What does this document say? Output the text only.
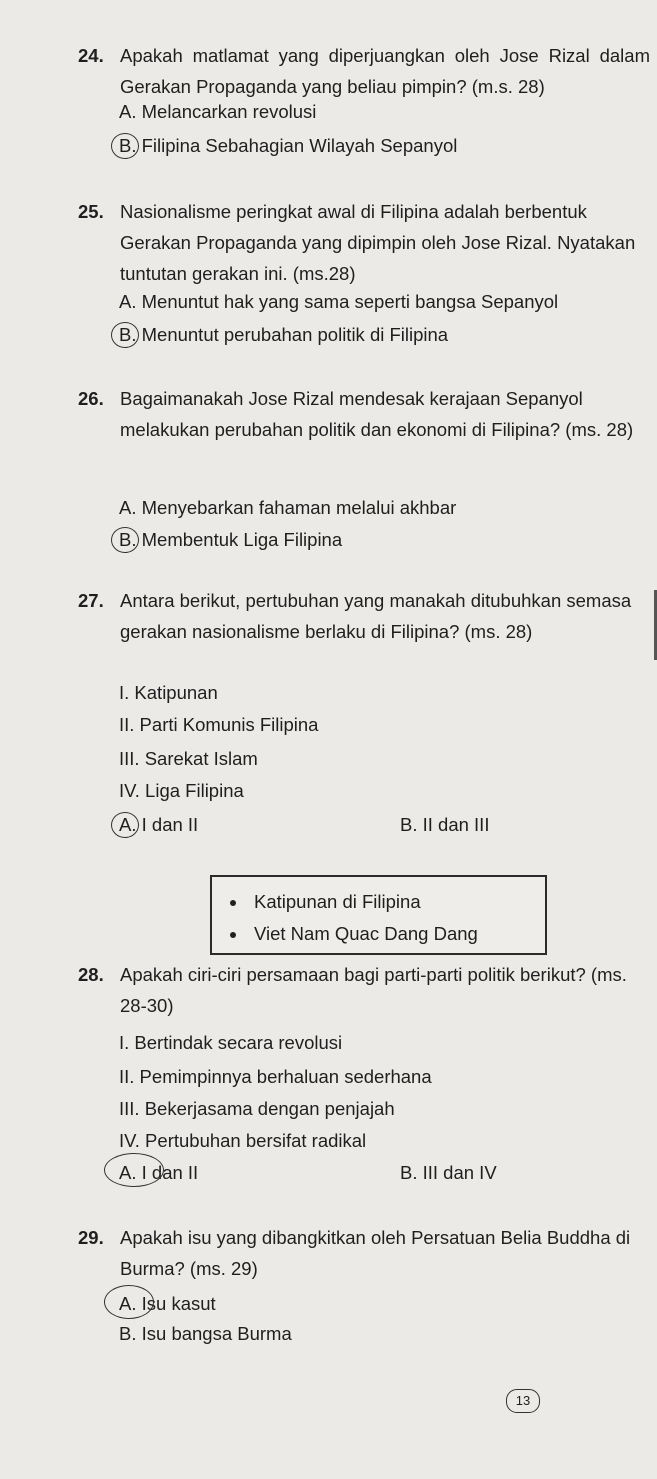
24. Apakah matlamat yang diperjuangkan oleh Jose Rizal dalam Gerakan Propaganda yang beliau pimpin? (m.s. 28)
A. Melancarkan revolusi
B. Filipina Sebahagian Wilayah Sepanyol
25. Nasionalisme peringkat awal di Filipina adalah berbentuk Gerakan Propaganda yang dipimpin oleh Jose Rizal. Nyatakan tuntutan gerakan ini. (ms.28)
A. Menuntut hak yang sama seperti bangsa Sepanyol
B. Menuntut perubahan politik di Filipina
26. Bagaimanakah Jose Rizal mendesak kerajaan Sepanyol melakukan perubahan politik dan ekonomi di Filipina? (ms. 28)
A. Menyebarkan fahaman melalui akhbar
B. Membentuk Liga Filipina
27. Antara berikut, pertubuhan yang manakah ditubuhkan semasa gerakan nasionalisme berlaku di Filipina? (ms. 28)
I. Katipunan
II. Parti Komunis Filipina
III. Sarekat Islam
IV. Liga Filipina
A. I dan II	B. II dan III
Katipunan di Filipina
Viet Nam Quac Dang Dang
28. Apakah ciri-ciri persamaan bagi parti-parti politik berikut? (ms. 28-30)
I. Bertindak secara revolusi
II. Pemimpinnya berhaluan sederhana
III. Bekerjasama dengan penjajah
IV. Pertubuhan bersifat radikal
A. I dan II	B. III dan IV
29. Apakah isu yang dibangkitkan oleh Persatuan Belia Buddha di Burma? (ms. 29)
A. Isu kasut
B. Isu bangsa Burma
13
